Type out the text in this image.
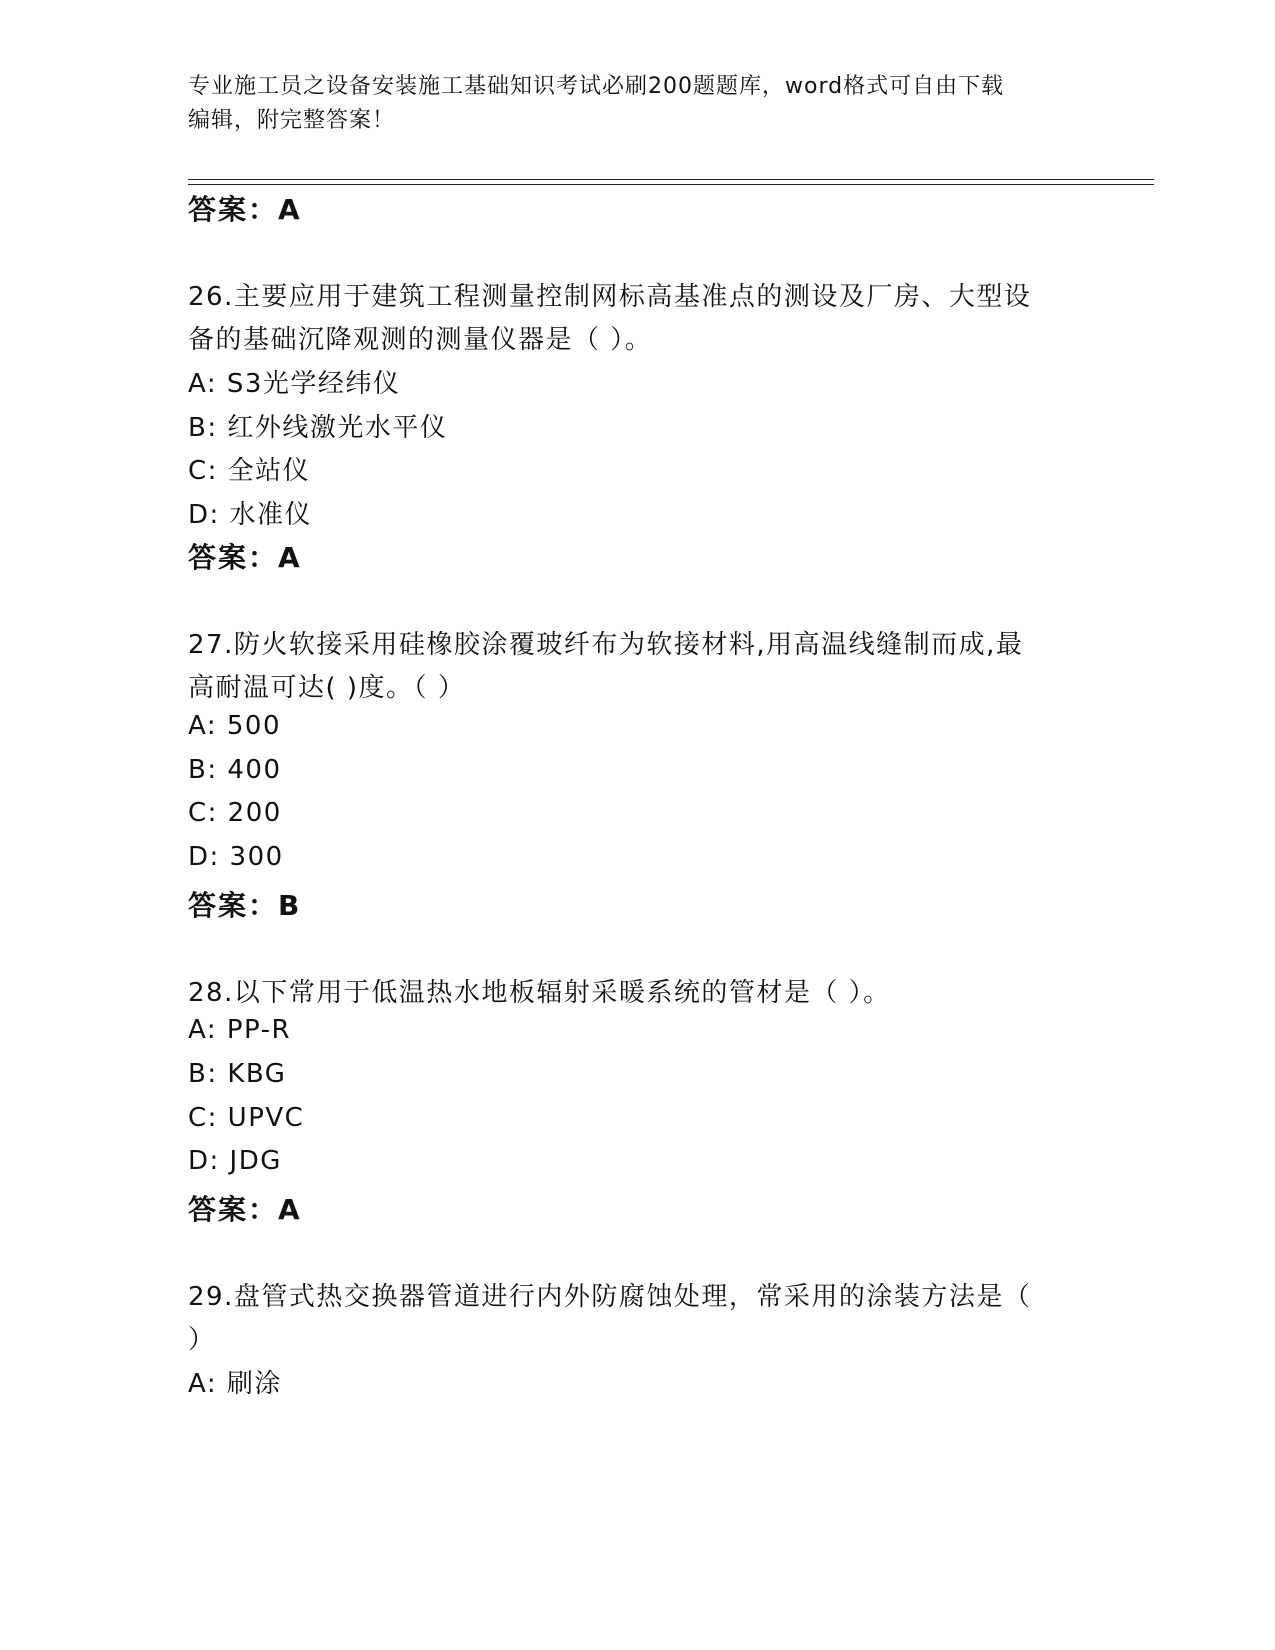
专业施工员之设备安装施工基础知识考试必刷200题题库，word格式可自由下载
编辑，附完整答案！
答案：A
26.主要应用于建筑工程测量控制网标高基准点的测设及厂房、大型设
备的基础沉降观测的测量仪器是（ ）。
A: S3光学经纬仪
B: 红外线激光水平仪
C: 全站仪
D: 水准仪
答案：A
27.防火软接采用硅橡胶涂覆玻纤布为软接材料,用高温线缝制而成,最
高耐温可达( )度。（ ）
A: 500
B: 400
C: 200
D: 300
答案：B
28.以下常用于低温热水地板辐射采暖系统的管材是（ ）。
A: PP-R
B: KBG
C: UPVC
D: JDG
答案：A
29.盘管式热交换器管道进行内外防腐蚀处理，常采用的涂装方法是（
）
A: 刷涂
